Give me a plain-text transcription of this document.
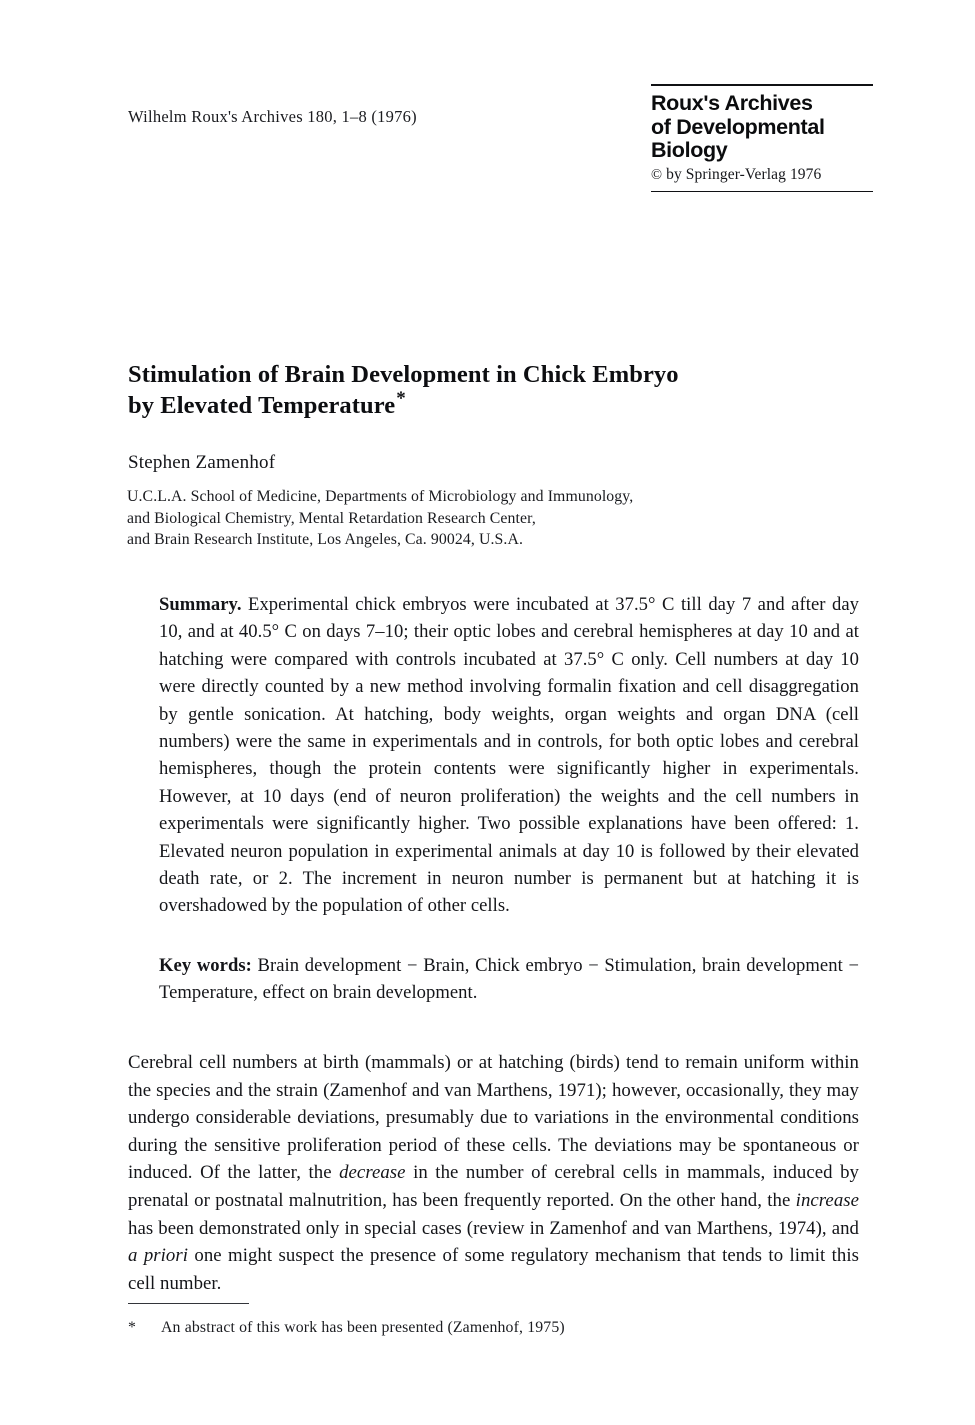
Wilhelm Roux's Archives 180, 1–8 (1976)
Roux's Archives
of Developmental
Biology
© by Springer-Verlag 1976
Stimulation of Brain Development in Chick Embryo
by Elevated Temperature*
Stephen Zamenhof
U.C.L.A. School of Medicine, Departments of Microbiology and Immunology,
and Biological Chemistry, Mental Retardation Research Center,
and Brain Research Institute, Los Angeles, Ca. 90024, U.S.A.
Summary. Experimental chick embryos were incubated at 37.5° C till day 7 and after day 10, and at 40.5° C on days 7–10; their optic lobes and cerebral hemispheres at day 10 and at hatching were compared with controls incubated at 37.5° C only. Cell numbers at day 10 were directly counted by a new method involving formalin fixation and cell disaggregation by gentle sonication. At hatching, body weights, organ weights and organ DNA (cell numbers) were the same in experimentals and in controls, for both optic lobes and cerebral hemispheres, though the protein contents were significantly higher in experimentals. However, at 10 days (end of neuron proliferation) the weights and the cell numbers in experimentals were significantly higher. Two possible explanations have been offered: 1. Elevated neuron population in experimental animals at day 10 is followed by their elevated death rate, or 2. The increment in neuron number is permanent but at hatching it is overshadowed by the population of other cells.
Key words: Brain development − Brain, Chick embryo − Stimulation, brain development − Temperature, effect on brain development.
Cerebral cell numbers at birth (mammals) or at hatching (birds) tend to remain uniform within the species and the strain (Zamenhof and van Marthens, 1971); however, occasionally, they may undergo considerable deviations, presumably due to variations in the environmental conditions during the sensitive proliferation period of these cells. The deviations may be spontaneous or induced. Of the latter, the decrease in the number of cerebral cells in mammals, induced by prenatal or postnatal malnutrition, has been frequently reported. On the other hand, the increase has been demonstrated only in special cases (review in Zamenhof and van Marthens, 1974), and a priori one might suspect the presence of some regulatory mechanism that tends to limit this cell number.
*	An abstract of this work has been presented (Zamenhof, 1975)
